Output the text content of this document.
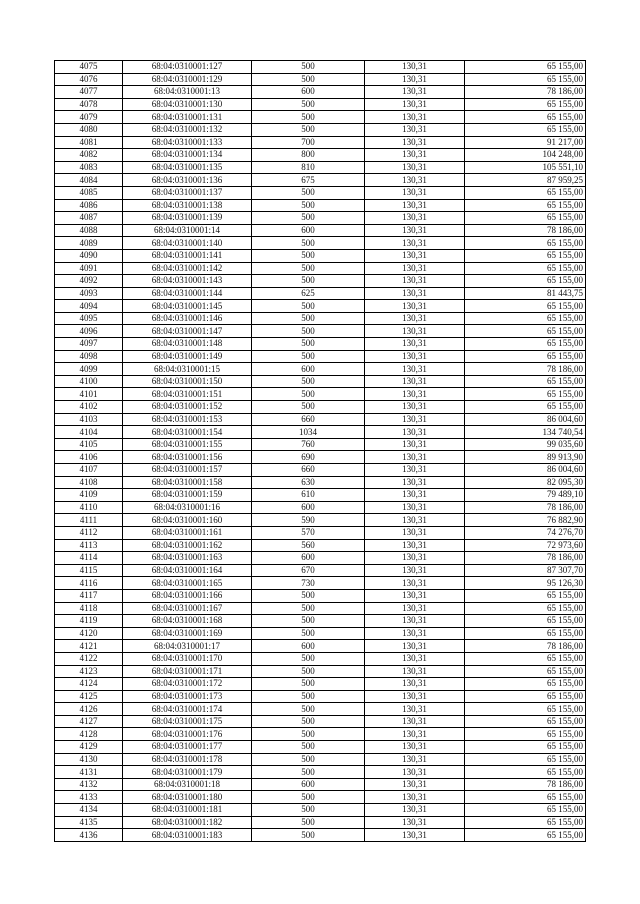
4075	68:04:0310001:127	500	130,31	65 155,00
4076	68:04:0310001:129	500	130,31	65 155,00
4077	68:04:0310001:13	600	130,31	78 186,00
4078	68:04:0310001:130	500	130,31	65 155,00
4079	68:04:0310001:131	500	130,31	65 155,00
4080	68:04:0310001:132	500	130,31	65 155,00
4081	68:04:0310001:133	700	130,31	91 217,00
4082	68:04:0310001:134	800	130,31	104 248,00
4083	68:04:0310001:135	810	130,31	105 551,10
4084	68:04:0310001:136	675	130,31	87 959,25
4085	68:04:0310001:137	500	130,31	65 155,00
4086	68:04:0310001:138	500	130,31	65 155,00
4087	68:04:0310001:139	500	130,31	65 155,00
4088	68:04:0310001:14	600	130,31	78 186,00
4089	68:04:0310001:140	500	130,31	65 155,00
4090	68:04:0310001:141	500	130,31	65 155,00
4091	68:04:0310001:142	500	130,31	65 155,00
4092	68:04:0310001:143	500	130,31	65 155,00
4093	68:04:0310001:144	625	130,31	81 443,75
4094	68:04:0310001:145	500	130,31	65 155,00
4095	68:04:0310001:146	500	130,31	65 155,00
4096	68:04:0310001:147	500	130,31	65 155,00
4097	68:04:0310001:148	500	130,31	65 155,00
4098	68:04:0310001:149	500	130,31	65 155,00
4099	68:04:0310001:15	600	130,31	78 186,00
4100	68:04:0310001:150	500	130,31	65 155,00
4101	68:04:0310001:151	500	130,31	65 155,00
4102	68:04:0310001:152	500	130,31	65 155,00
4103	68:04:0310001:153	660	130,31	86 004,60
4104	68:04:0310001:154	1034	130,31	134 740,54
4105	68:04:0310001:155	760	130,31	99 035,60
4106	68:04:0310001:156	690	130,31	89 913,90
4107	68:04:0310001:157	660	130,31	86 004,60
4108	68:04:0310001:158	630	130,31	82 095,30
4109	68:04:0310001:159	610	130,31	79 489,10
4110	68:04:0310001:16	600	130,31	78 186,00
4111	68:04:0310001:160	590	130,31	76 882,90
4112	68:04:0310001:161	570	130,31	74 276,70
4113	68:04:0310001:162	560	130,31	72 973,60
4114	68:04:0310001:163	600	130,31	78 186,00
4115	68:04:0310001:164	670	130,31	87 307,70
4116	68:04:0310001:165	730	130,31	95 126,30
4117	68:04:0310001:166	500	130,31	65 155,00
4118	68:04:0310001:167	500	130,31	65 155,00
4119	68:04:0310001:168	500	130,31	65 155,00
4120	68:04:0310001:169	500	130,31	65 155,00
4121	68:04:0310001:17	600	130,31	78 186,00
4122	68:04:0310001:170	500	130,31	65 155,00
4123	68:04:0310001:171	500	130,31	65 155,00
4124	68:04:0310001:172	500	130,31	65 155,00
4125	68:04:0310001:173	500	130,31	65 155,00
4126	68:04:0310001:174	500	130,31	65 155,00
4127	68:04:0310001:175	500	130,31	65 155,00
4128	68:04:0310001:176	500	130,31	65 155,00
4129	68:04:0310001:177	500	130,31	65 155,00
4130	68:04:0310001:178	500	130,31	65 155,00
4131	68:04:0310001:179	500	130,31	65 155,00
4132	68:04:0310001:18	600	130,31	78 186,00
4133	68:04:0310001:180	500	130,31	65 155,00
4134	68:04:0310001:181	500	130,31	65 155,00
4135	68:04:0310001:182	500	130,31	65 155,00
4136	68:04:0310001:183	500	130,31	65 155,00
